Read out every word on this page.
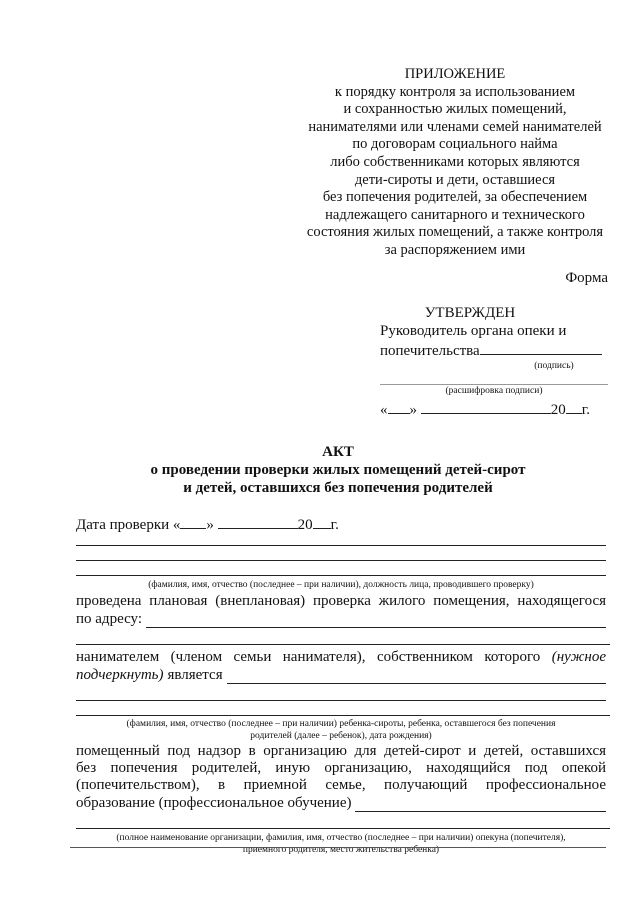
ПРИЛОЖЕНИЕ
к порядку контроля за использованием
и сохранностью жилых помещений,
нанимателями или членами семей нанимателей
по договорам социального найма
либо собственниками которых являются
дети-сироты и дети, оставшиеся
без попечения родителей, за обеспечением
надлежащего санитарного и технического
состояния жилых помещений, а также контроля
за распоряжением ими
Форма
УТВЕРЖДЕН
Руководитель органа опеки и
попечительства
(подпись)
(расшифровка подписи)
« »	20 г.
АКТ
о проведении проверки жилых помещений детей-сирот
и детей, оставшихся без попечения родителей
Дата проверки « »	20 г.
(фамилия, имя, отчество (последнее – при наличии), должность лица, проводившего проверку)
проведена плановая (внеплановая) проверка жилого помещения, находящегося
по адресу:
нанимателем (членом семьи нанимателя), собственником которого (нужное
подчеркнуть) является
(фамилия, имя, отчество (последнее – при наличии) ребенка-сироты, ребенка, оставшегося без попечения
родителей (далее – ребенок), дата рождения)
помещенный под надзор в организацию для детей-сирот и детей, оставшихся
без попечения родителей, иную организацию, находящийся под опекой
(попечительством), в приемной семье, получающий профессиональное
образование (профессиональное обучение)
(полное наименование организации, фамилия, имя, отчество (последнее – при наличии) опекуна (попечителя),
приемного родителя, место жительства ребенка)
